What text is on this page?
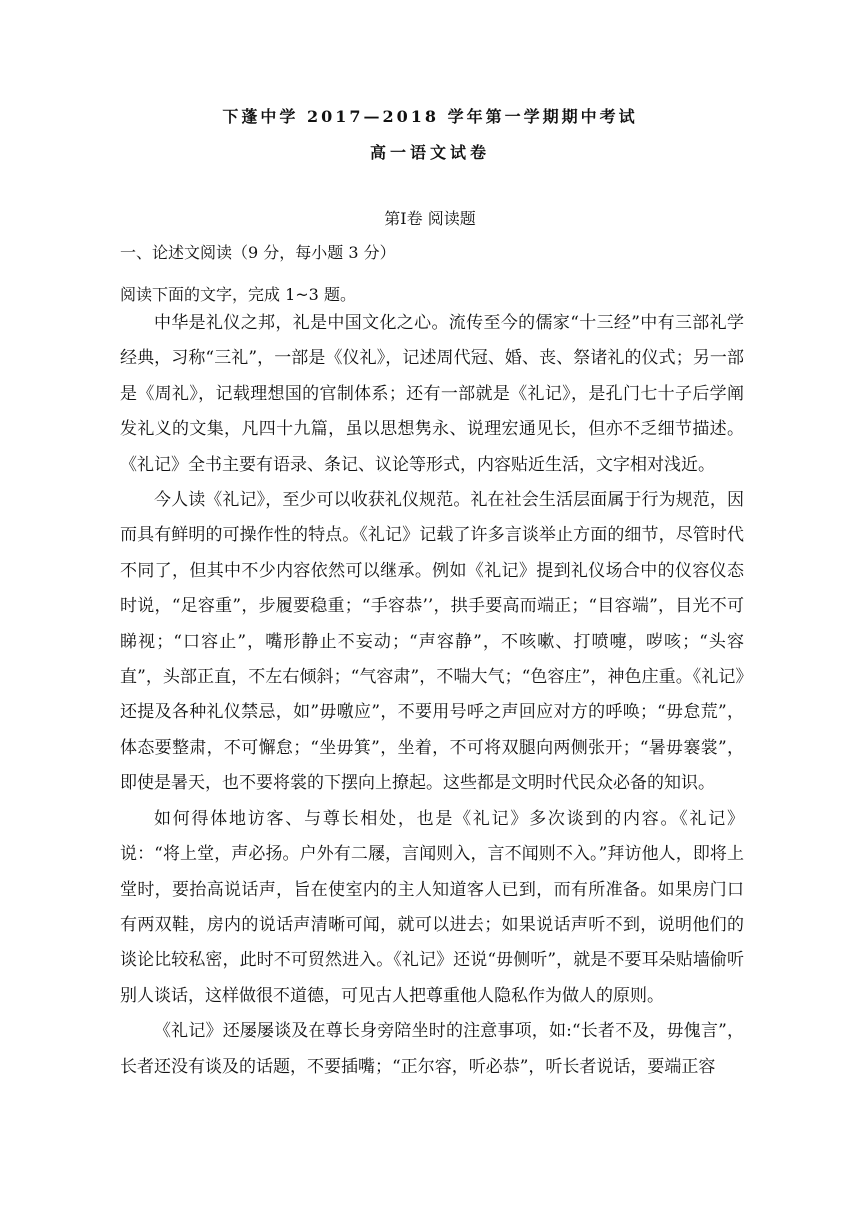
下蓬中学 2017—2018 学年第一学期期中考试
高一语文试卷
第Ⅰ卷 阅读题
一、论述文阅读（9 分，每小题 3 分）
阅读下面的文字，完成 1~3 题。

中华是礼仪之邦，礼是中国文化之心。流传至今的儒家“十三经”中有三部礼学经典，习称“三礼”，一部是《仪礼》，记述周代冠、婚、丧、祭诸礼的仪式；另一部是《周礼》，记载理想国的官制体系；还有一部就是《礼记》，是孔门七十子后学阐发礼义的文集，凡四十九篇，虽以思想隽永、说理宏通见长，但亦不乏细节描述。《礼记》全书主要有语录、条记、议论等形式，内容贴近生活，文字相对浅近。

今人读《礼记》，至少可以收获礼仪规范。礼在社会生活层面属于行为规范，因而具有鲜明的可操作性的特点。《礼记》记载了许多言谈举止方面的细节，尽管时代不同了，但其中不少内容依然可以继承。例如《礼记》提到礼仪场合中的仪容仪态时说，“足容重”，步履要稳重；“手容恭’’，拱手要高而端正；“目容端”，目光不可睇视；“口容止”，嘴形静止不妄动；“声容静”，不咳嗽、打喷嚏，哕咳；“头容直”，头部正直，不左右倾斜；“气容肃”，不喘大气；“色容庄”，神色庄重。《礼记》还提及各种礼仪禁忌，如”毋噭应”，不要用号呼之声回应对方的呼唤；“毋怠荒”，体态要整肃，不可懈怠；“坐毋箕”，坐着，不可将双腿向两侧张开；“暑毋褰裳”，即使是暑天，也不要将裳的下摆向上撩起。这些都是文明时代民众必备的知识。

如何得体地访客、与尊长相处，也是《礼记》多次谈到的内容。《礼记》说：“将上堂，声必扬。户外有二屦，言闻则入，言不闻则不入。”拜访他人，即将上堂时，要抬高说话声，旨在使室内的主人知道客人已到，而有所准备。如果房门口有两双鞋，房内的说话声清晰可闻，就可以进去；如果说话声听不到，说明他们的谈论比较私密，此时不可贸然进入。《礼记》还说“毋侧听”，就是不要耳朵贴墙偷听别人谈话，这样做很不道德，可见古人把尊重他人隐私作为做人的原则。

《礼记》还屡屡谈及在尊长身旁陪坐时的注意事项，如:“长者不及，毋傀言”，长者还没有谈及的话题，不要插嘴；“正尔容，听必恭”，听长者说话，要端正容
